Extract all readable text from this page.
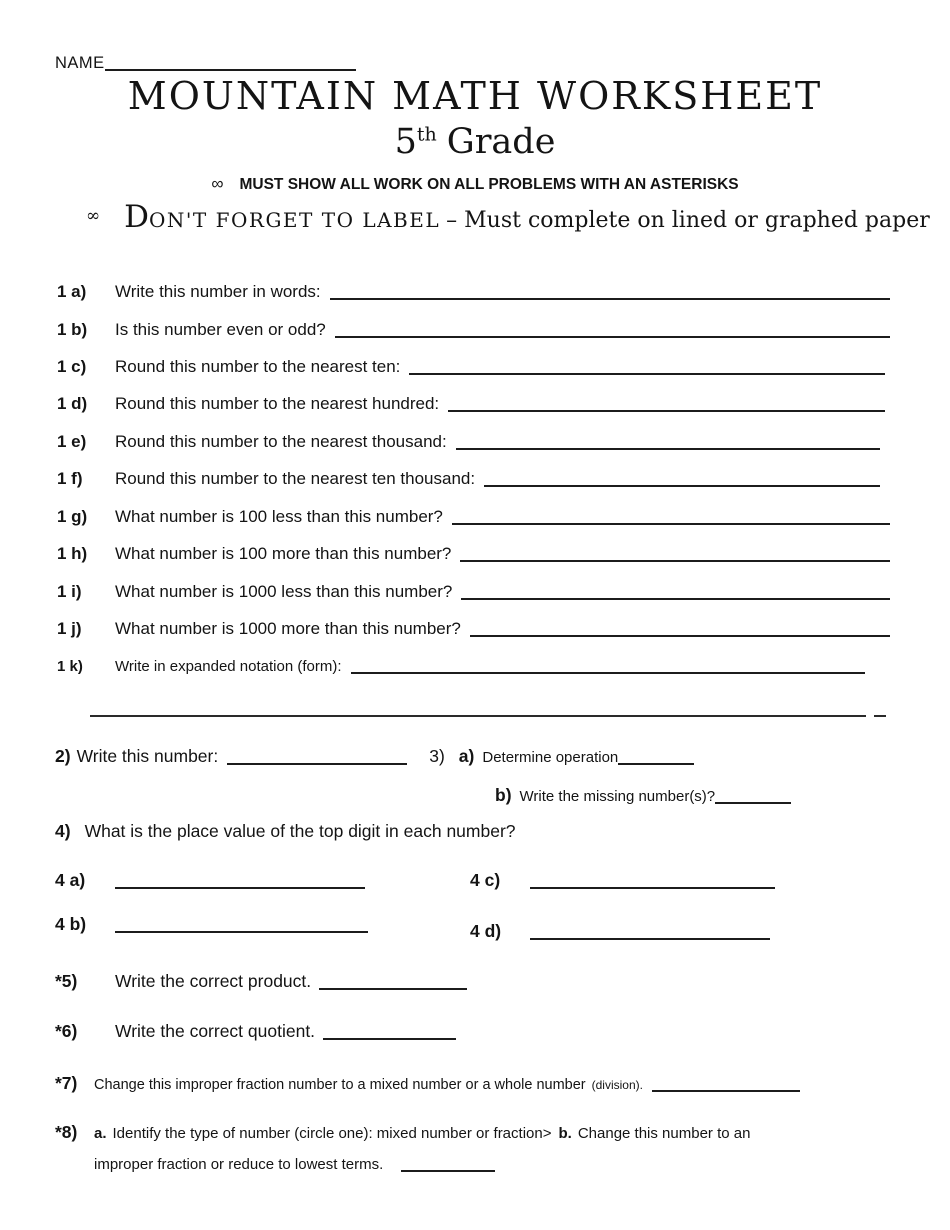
NAME
MOUNTAIN MATH WORKSHEET
5th Grade
∞ MUST SHOW ALL WORK ON ALL PROBLEMS WITH AN ASTERISKS
∞ DON'T FORGET TO LABEL – Must complete on lined or graphed paper
1 a)	Write this number in words:
1 b)	Is this number even or odd?
1 c)	Round this number to the nearest ten:
1 d)	Round this number to the nearest hundred:
1 e)	Round this number to the nearest thousand:
1 f)	Round this number to the nearest ten thousand:
1 g)	What number is 100 less than this number?
1 h)	What number is 100 more than this number?
1 i)	What number is 1000 less than this number?
1 j)	What number is 1000 more than this number?
1 k)	Write in expanded notation (form):
2) Write this number:	3) a) Determine operation
b) Write the missing number(s)?
4) What is the place value of the top digit in each number?
4 a)	4 c)
4 b)	4 d)
*5)	Write the correct product.
*6)	Write the correct quotient.
*7)	Change this improper fraction number to a mixed number or a whole number (division).
*8)	a. Identify the type of number (circle one): mixed number or fraction> b. Change this number to an
improper fraction or reduce to lowest terms.
